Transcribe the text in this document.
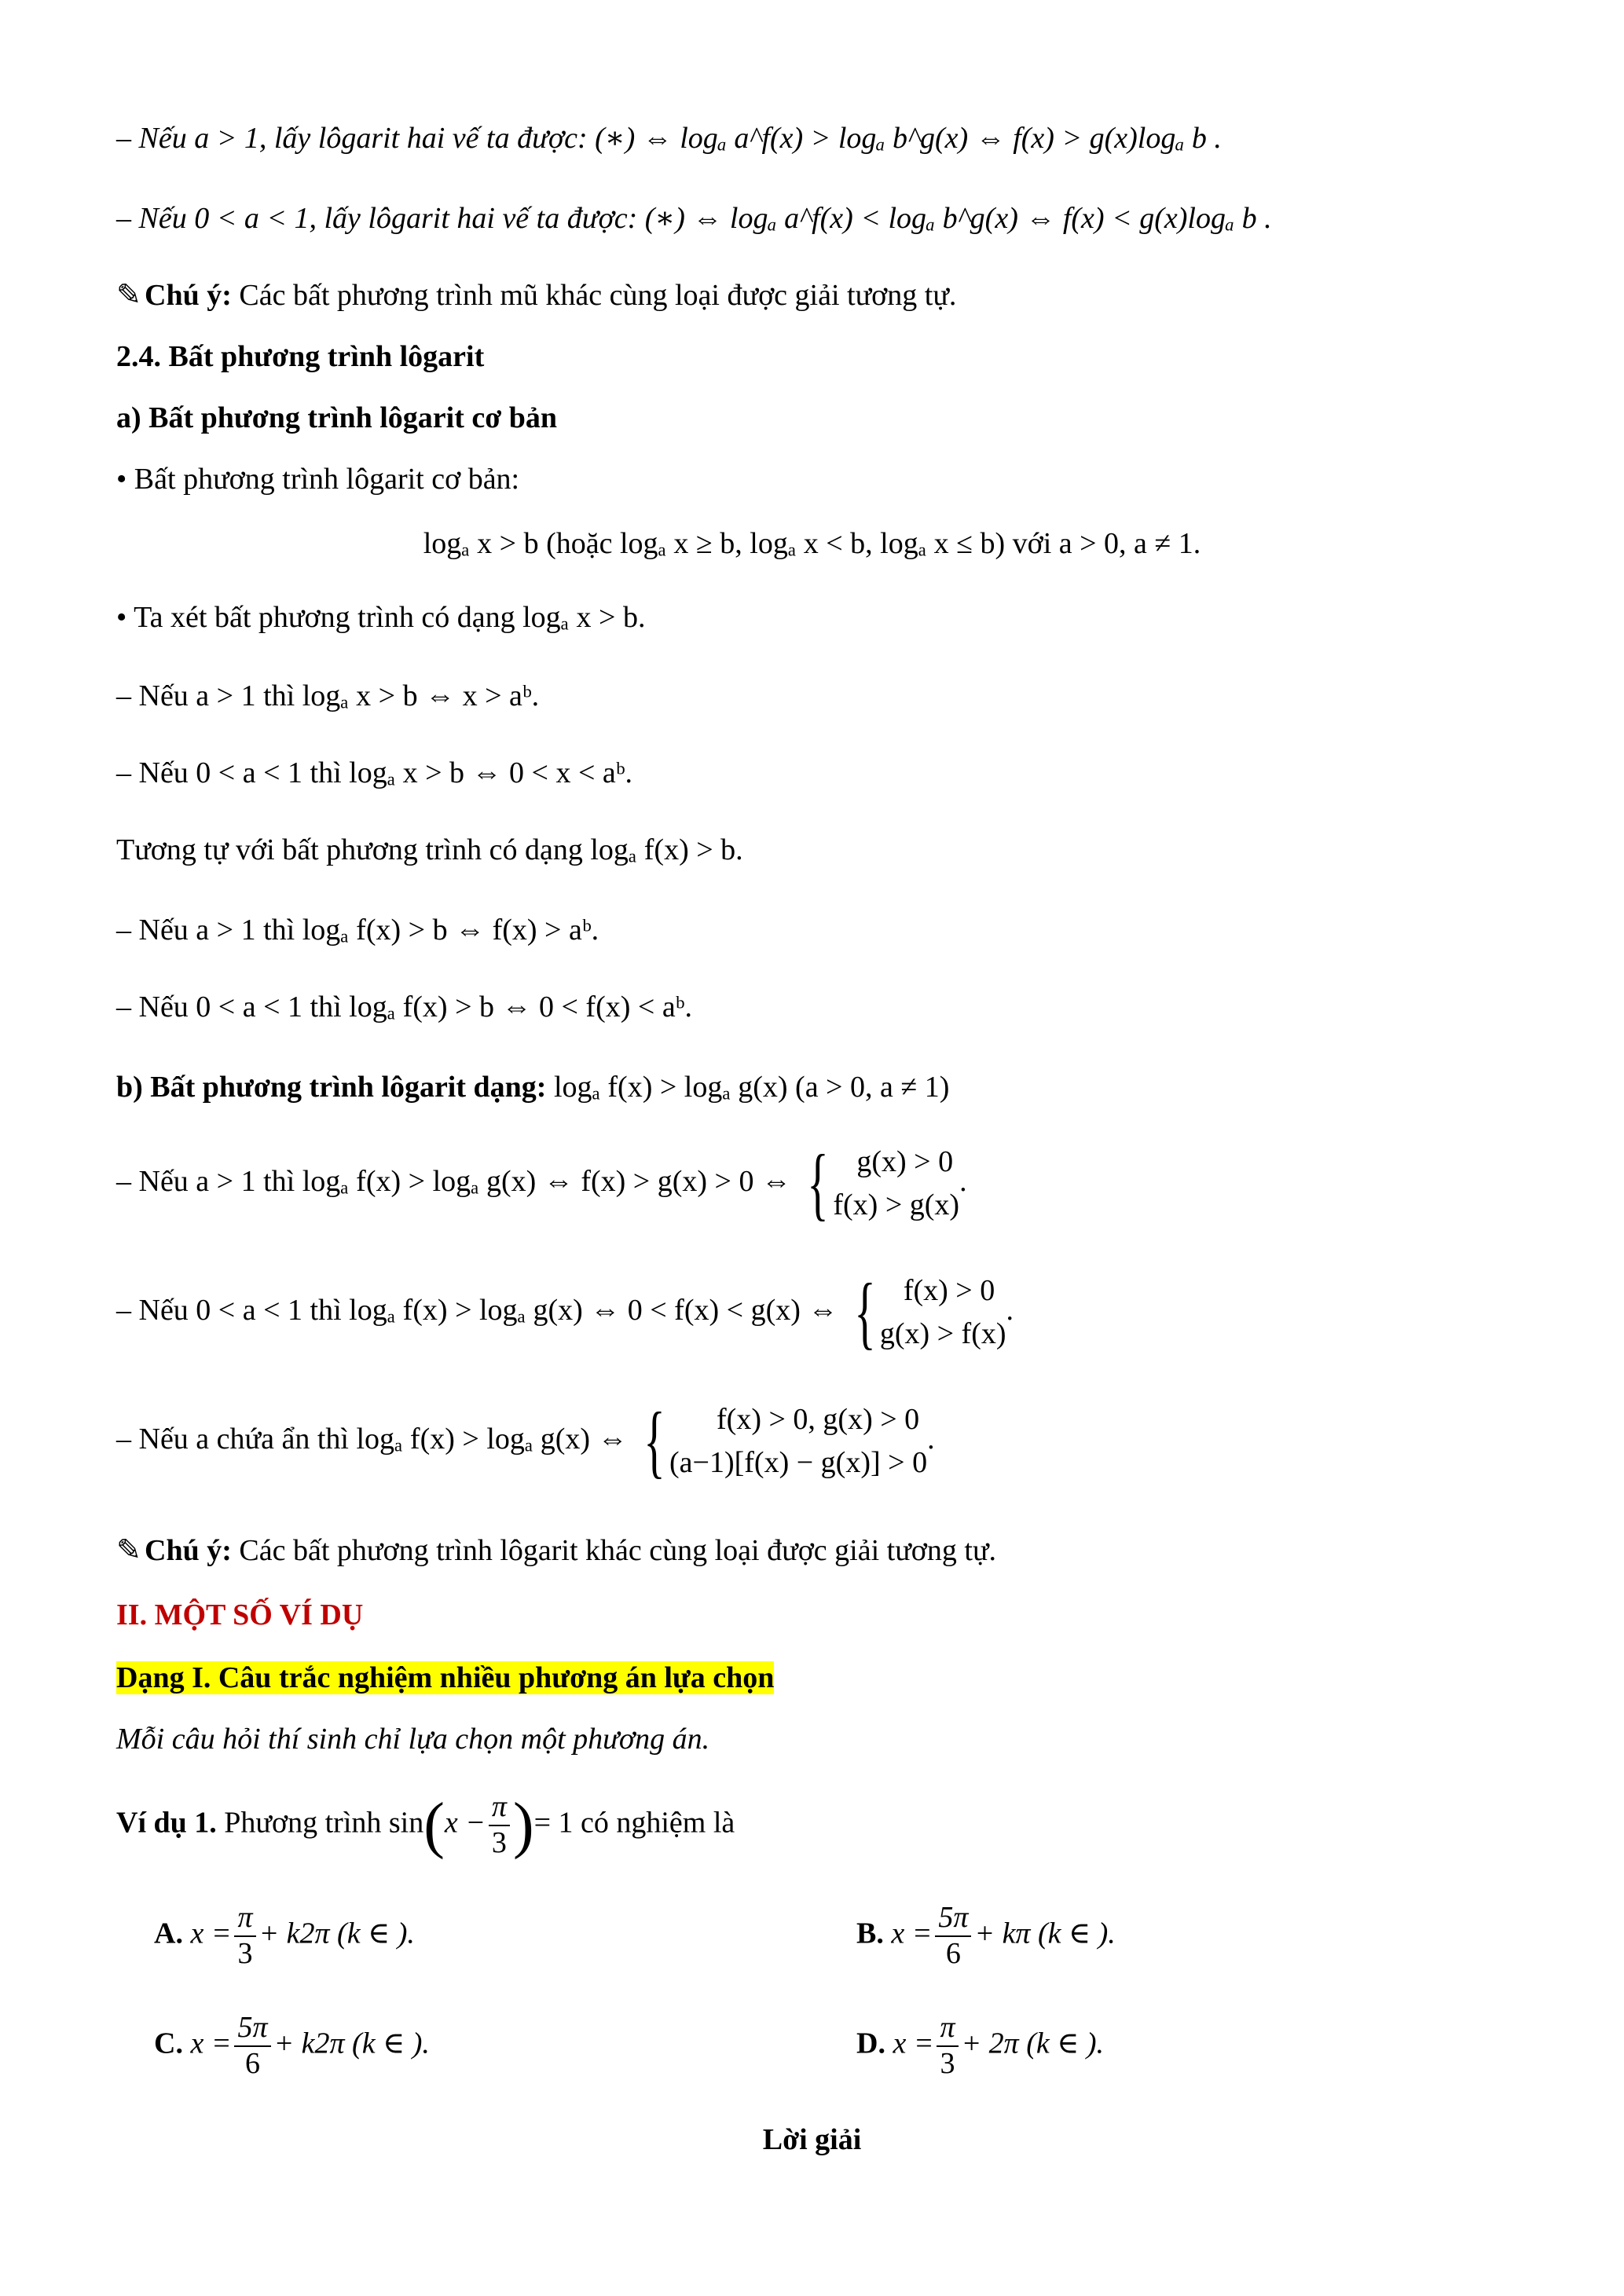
– Nếu a > 1, lấy lôgarit hai vế ta được: (∗) ⇔ logₐ a^f(x) > logₐ b^g(x) ⇔ f(x) > g(x)logₐ b .
– Nếu 0 < a < 1, lấy lôgarit hai vế ta được: (∗) ⇔ logₐ a^f(x) < logₐ b^g(x) ⇔ f(x) < g(x)logₐ b .
✎ Chú ý: Các bất phương trình mũ khác cùng loại được giải tương tự.
2.4. Bất phương trình lôgarit
a) Bất phương trình lôgarit cơ bản
• Bất phương trình lôgarit cơ bản:
logₐ x > b (hoặc logₐ x ≥ b, logₐ x < b, logₐ x ≤ b) với a > 0, a ≠ 1.
• Ta xét bất phương trình có dạng logₐ x > b.
– Nếu a > 1 thì logₐ x > b ⇔ x > aᵇ.
– Nếu 0 < a < 1 thì logₐ x > b ⇔ 0 < x < aᵇ.
Tương tự với bất phương trình có dạng logₐ f(x) > b.
– Nếu a > 1 thì logₐ f(x) > b ⇔ f(x) > aᵇ.
– Nếu 0 < a < 1 thì logₐ f(x) > b ⇔ 0 < f(x) < aᵇ.
b) Bất phương trình lôgarit dạng: logₐ f(x) > logₐ g(x) (a > 0, a ≠ 1)
– Nếu a > 1 thì logₐ f(x) > logₐ g(x) ⇔ f(x) > g(x) > 0 ⇔ { g(x) > 0
f(x) > g(x)
.
– Nếu 0 < a < 1 thì logₐ f(x) > logₐ g(x) ⇔ 0 < f(x) < g(x) ⇔ { f(x) > 0
g(x) > f(x)
.
– Nếu a chứa ẩn thì logₐ f(x) > logₐ g(x) ⇔ {	f(x) > 0, g(x) > 0
(a−1)[f(x) − g(x)] > 0
.
✎ Chú ý: Các bất phương trình lôgarit khác cùng loại được giải tương tự.
II. MỘT SỐ VÍ DỤ
Dạng I. Câu trắc nghiệm nhiều phương án lựa chọn
Mỗi câu hỏi thí sinh chỉ lựa chọn một phương án.
Ví dụ 1. Phương trình $\sin(x - \frac{\pi}{3}$ )= 1 có nghiệm là
A. $x = \frac{\pi}{3} + k2\pi$ (k ∈ ).	B. $x = \frac{5\pi}{6} + k\pi$ (k ∈ ).
C. $x = \frac{5\pi}{6} + k2\pi$ (k ∈ ).	D. $x = \frac{\pi}{3} + 2\pi$ (k ∈ ).
Lời giải
